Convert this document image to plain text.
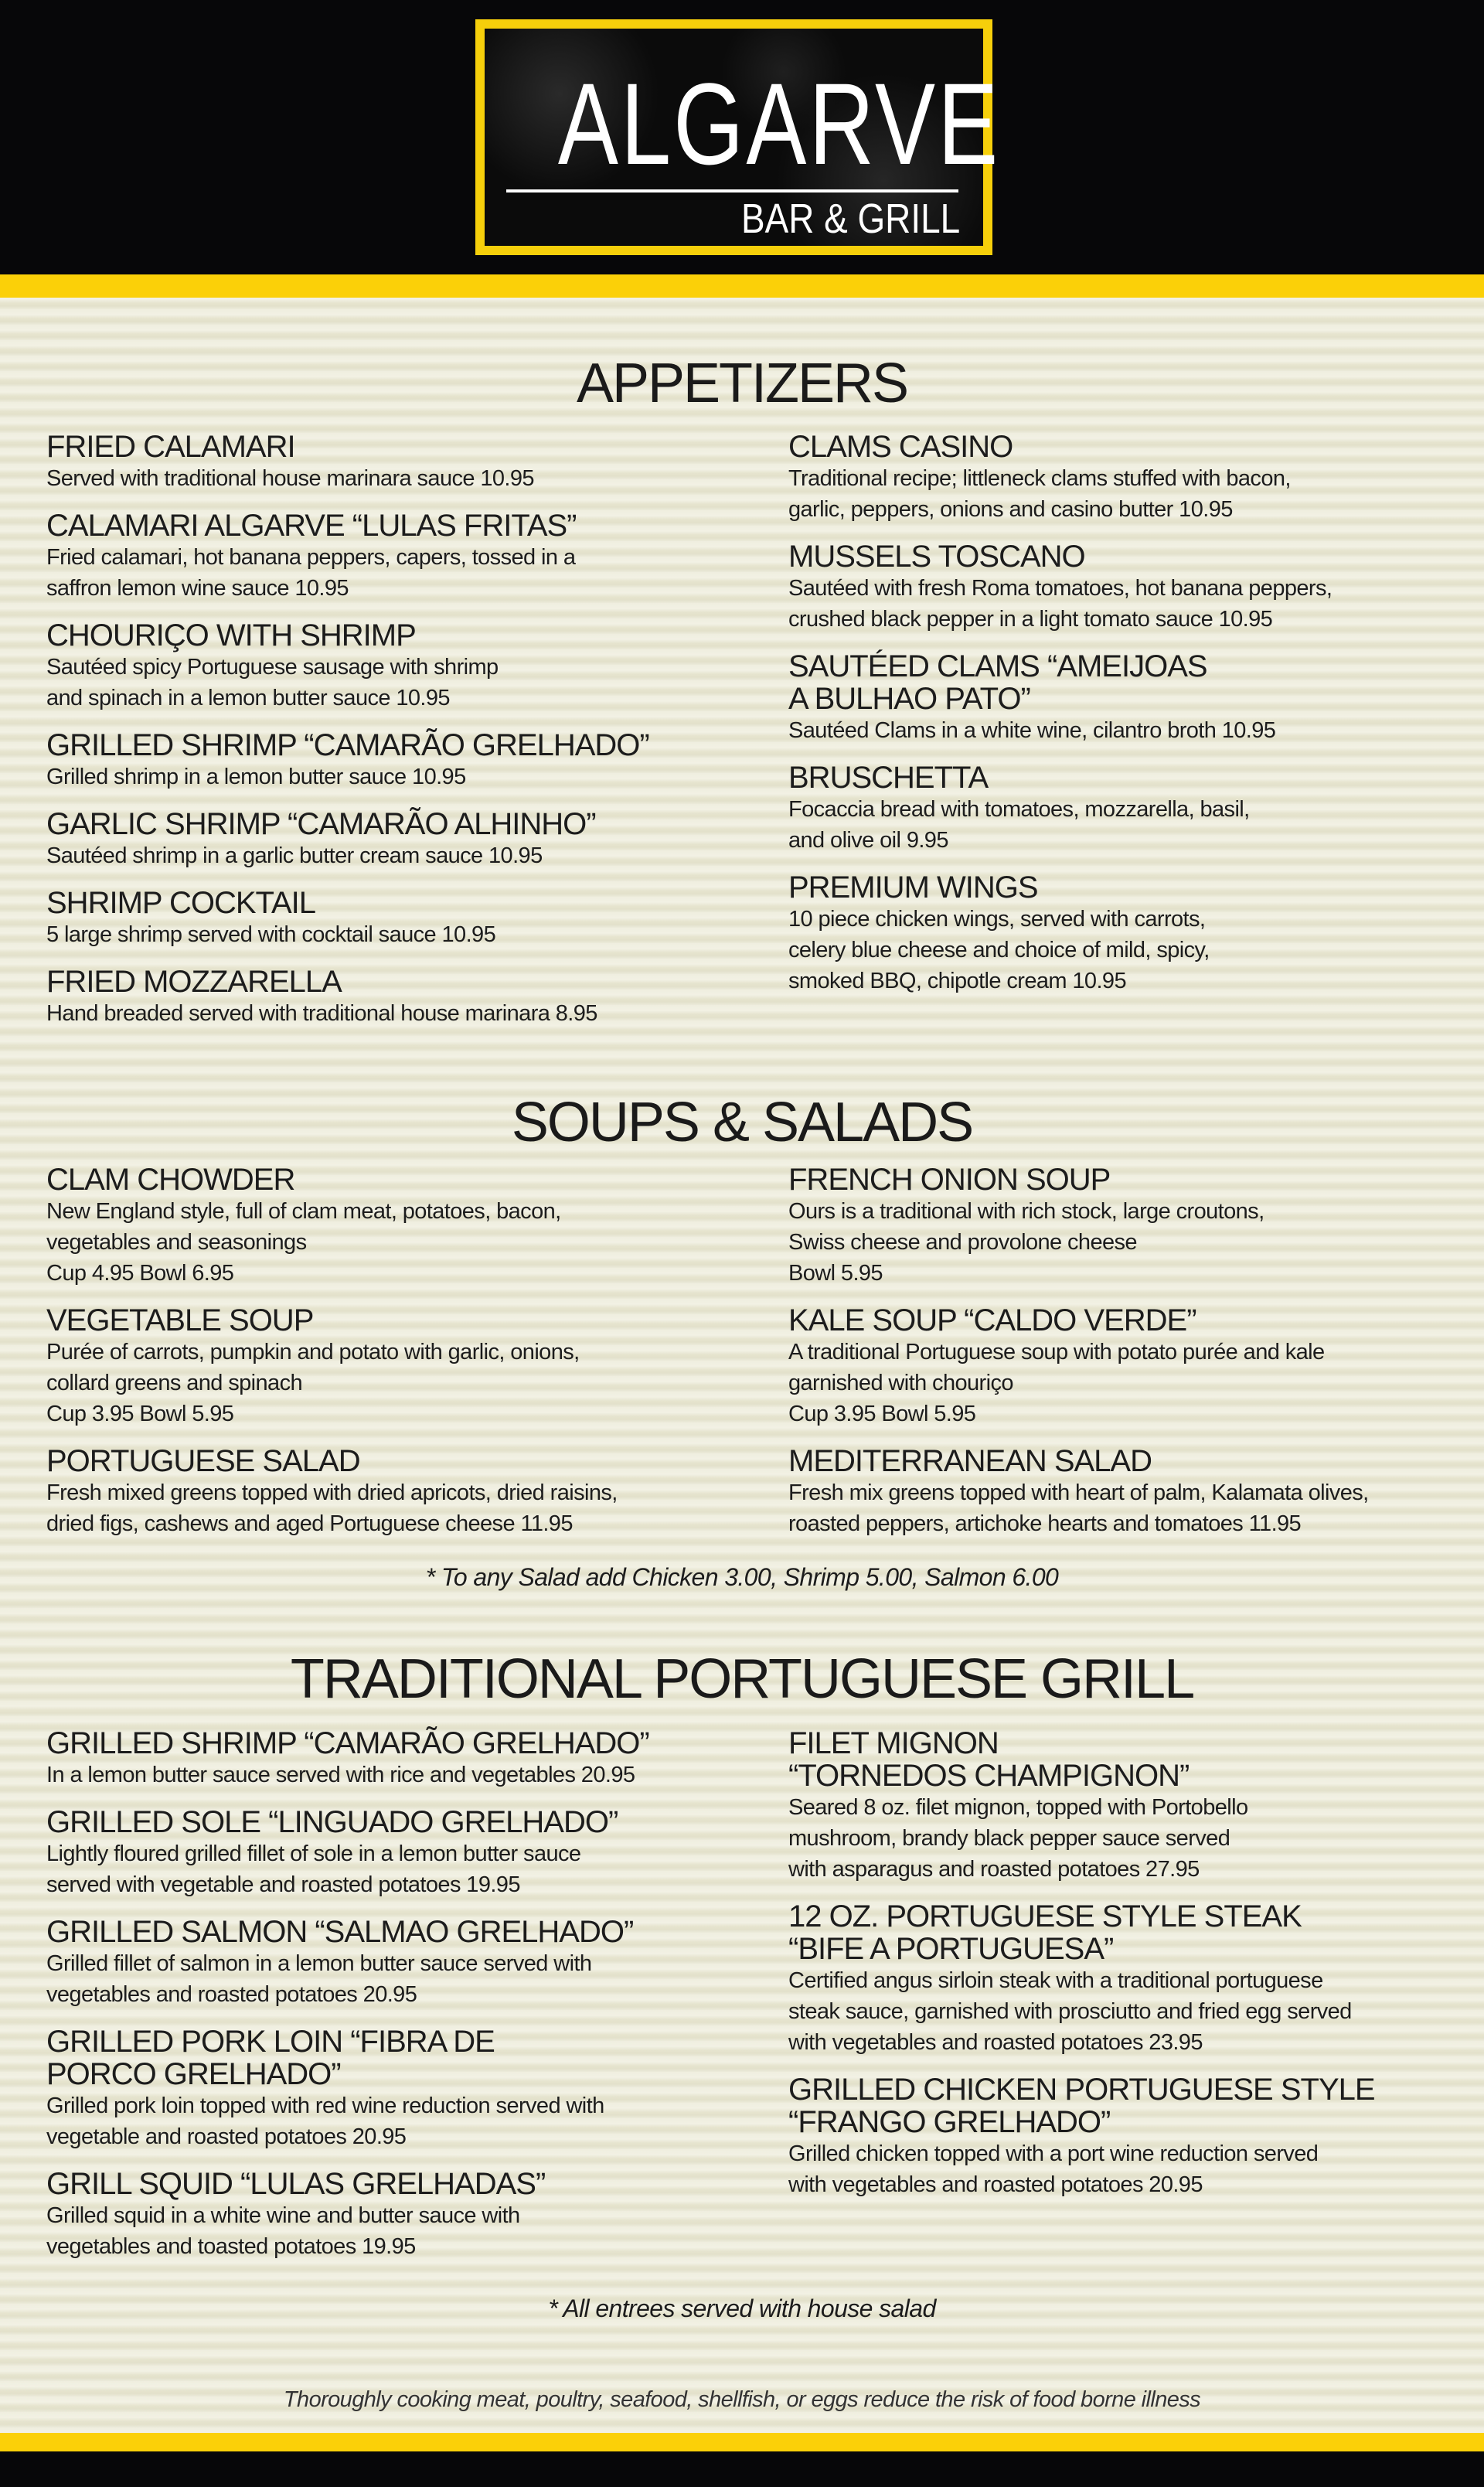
ALGARVE
BAR & GRILL
APPETIZERS
FRIED CALAMARI
Served with traditional house marinara sauce 10.95
CALAMARI ALGARVE “LULAS FRITAS”
Fried calamari, hot banana peppers, capers, tossed in a
saffron lemon wine sauce 10.95
CHOURIÇO WITH SHRIMP
Sautéed spicy Portuguese sausage with shrimp
and spinach in a lemon butter sauce 10.95
GRILLED SHRIMP “CAMARÃO GRELHADO”
Grilled shrimp in a lemon butter sauce 10.95
GARLIC SHRIMP “CAMARÃO ALHINHO”
Sautéed shrimp in a garlic butter cream sauce 10.95
SHRIMP COCKTAIL
5 large shrimp served with cocktail sauce 10.95
FRIED MOZZARELLA
Hand breaded served with traditional house marinara 8.95
CLAMS CASINO
Traditional recipe; littleneck clams stuffed with bacon,
garlic, peppers, onions and casino butter 10.95
MUSSELS TOSCANO
Sautéed with fresh Roma tomatoes, hot banana peppers,
crushed black pepper in a light tomato sauce 10.95
SAUTÉED CLAMS “AMEIJOAS
A BULHAO PATO”
Sautéed Clams in a white wine, cilantro broth 10.95
BRUSCHETTA
Focaccia bread with tomatoes, mozzarella, basil,
and olive oil 9.95
PREMIUM WINGS
10 piece chicken wings, served with carrots,
celery blue cheese and choice of mild, spicy,
smoked BBQ, chipotle cream 10.95
SOUPS & SALADS
CLAM CHOWDER
New England style, full of clam meat, potatoes, bacon,
vegetables and seasonings
Cup 4.95 Bowl 6.95
VEGETABLE SOUP
Purée of carrots, pumpkin and potato with garlic, onions,
collard greens and spinach
Cup 3.95 Bowl 5.95
PORTUGUESE SALAD
Fresh mixed greens topped with dried apricots, dried raisins,
dried figs, cashews and aged Portuguese cheese 11.95
FRENCH ONION SOUP
Ours is a traditional with rich stock, large croutons,
Swiss cheese and provolone cheese
Bowl 5.95
KALE SOUP “CALDO VERDE”
A traditional Portuguese soup with potato purée and kale
garnished with chouriço
Cup 3.95 Bowl 5.95
MEDITERRANEAN SALAD
Fresh mix greens topped with heart of palm, Kalamata olives,
roasted peppers, artichoke hearts and tomatoes 11.95
* To any Salad add Chicken 3.00, Shrimp 5.00, Salmon 6.00
TRADITIONAL PORTUGUESE GRILL
GRILLED SHRIMP “CAMARÃO GRELHADO”
In a lemon butter sauce served with rice and vegetables 20.95
GRILLED SOLE “LINGUADO GRELHADO”
Lightly floured grilled fillet of sole in a lemon butter sauce
served with vegetable and roasted potatoes 19.95
GRILLED SALMON “SALMAO GRELHADO”
Grilled fillet of salmon in a lemon butter sauce served with
vegetables and roasted potatoes 20.95
GRILLED PORK LOIN “FIBRA DE
PORCO GRELHADO”
Grilled pork loin topped with red wine reduction served with
vegetable and roasted potatoes 20.95
GRILL SQUID “LULAS GRELHADAS”
Grilled squid in a white wine and butter sauce with
vegetables and toasted potatoes 19.95
FILET MIGNON
“TORNEDOS CHAMPIGNON”
Seared 8 oz. filet mignon, topped with Portobello
mushroom, brandy black pepper sauce served
with asparagus and roasted potatoes 27.95
12 OZ. PORTUGUESE STYLE STEAK
“BIFE A PORTUGUESA”
Certified angus sirloin steak with a traditional portuguese
steak sauce, garnished with prosciutto and fried egg served
with vegetables and roasted potatoes 23.95
GRILLED CHICKEN PORTUGUESE STYLE
“FRANGO GRELHADO”
Grilled chicken topped with a port wine reduction served
with vegetables and roasted potatoes 20.95
* All entrees served with house salad
Thoroughly cooking meat, poultry, seafood, shellfish, or eggs reduce the risk of food borne illness
